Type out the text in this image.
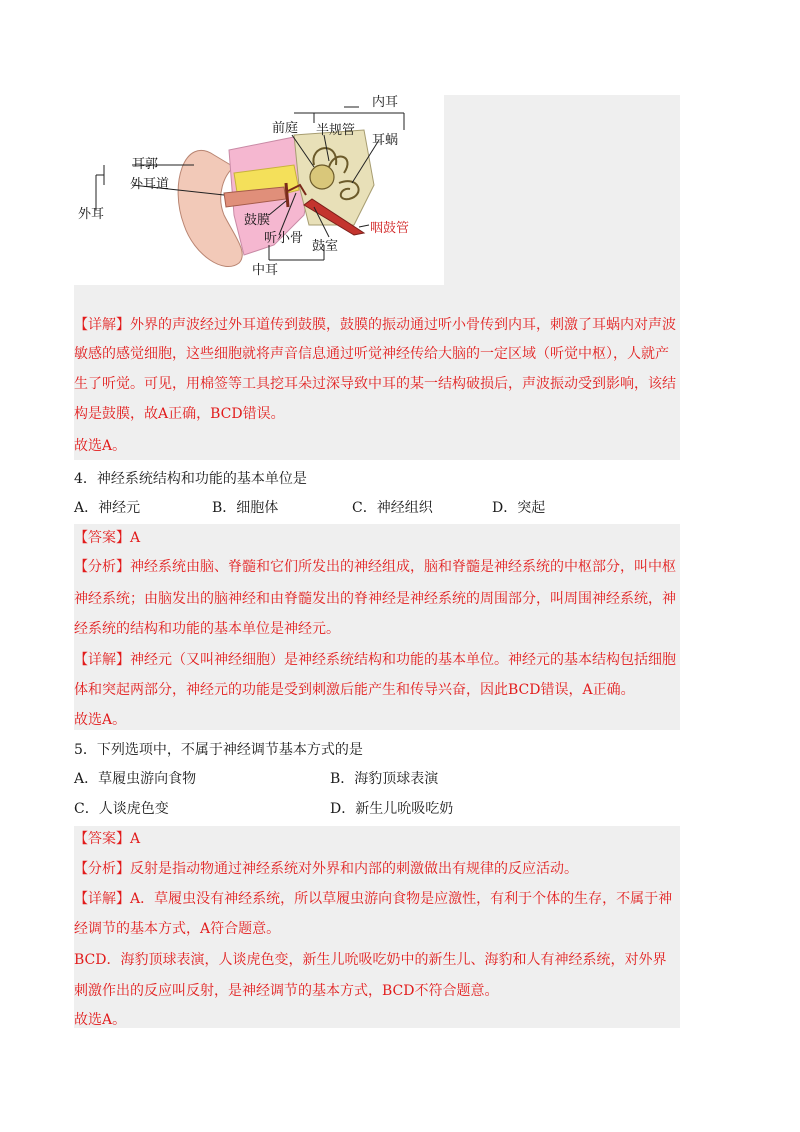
内耳
前庭 半规管
耳蜗
耳郭
外耳道
外耳	鼓膜
听小骨
鼓室
咽鼓管
中耳
【详解】外界的声波经过外耳道传到鼓膜，鼓膜的振动通过听小骨传到内耳，刺激了耳蜗内对声波
敏感的感觉细胞，这些细胞就将声音信息通过听觉神经传给大脑的一定区域（听觉中枢），人就产
生了听觉。可见，用棉签等工具挖耳朵过深导致中耳的某一结构破损后，声波振动受到影响，该结
构是鼓膜，故A正确，BCD错误。
故选A。
4．神经系统结构和功能的基本单位是
A．神经元	B．细胞体	C．神经组织	D．突起
【答案】A
【分析】神经系统由脑、脊髓和它们所发出的神经组成，脑和脊髓是神经系统的中枢部分，叫中枢
神经系统；由脑发出的脑神经和由脊髓发出的脊神经是神经系统的周围部分，叫周围神经系统，神
经系统的结构和功能的基本单位是神经元。
【详解】神经元（又叫神经细胞）是神经系统结构和功能的基本单位。神经元的基本结构包括细胞
体和突起两部分，神经元的功能是受到刺激后能产生和传导兴奋，因此BCD错误，A正确。
故选A。
5．下列选项中，不属于神经调节基本方式的是
A．草履虫游向食物	B．海豹顶球表演
C．人谈虎色变	D．新生儿吮吸吃奶
【答案】A
【分析】反射是指动物通过神经系统对外界和内部的刺激做出有规律的反应活动。
【详解】A．草履虫没有神经系统，所以草履虫游向食物是应激性，有利于个体的生存，不属于神
经调节的基本方式，A符合题意。
BCD．海豹顶球表演，人谈虎色变，新生儿吮吸吃奶中的新生儿、海豹和人有神经系统，对外界
刺激作出的反应叫反射，是神经调节的基本方式，BCD不符合题意。
故选A。
